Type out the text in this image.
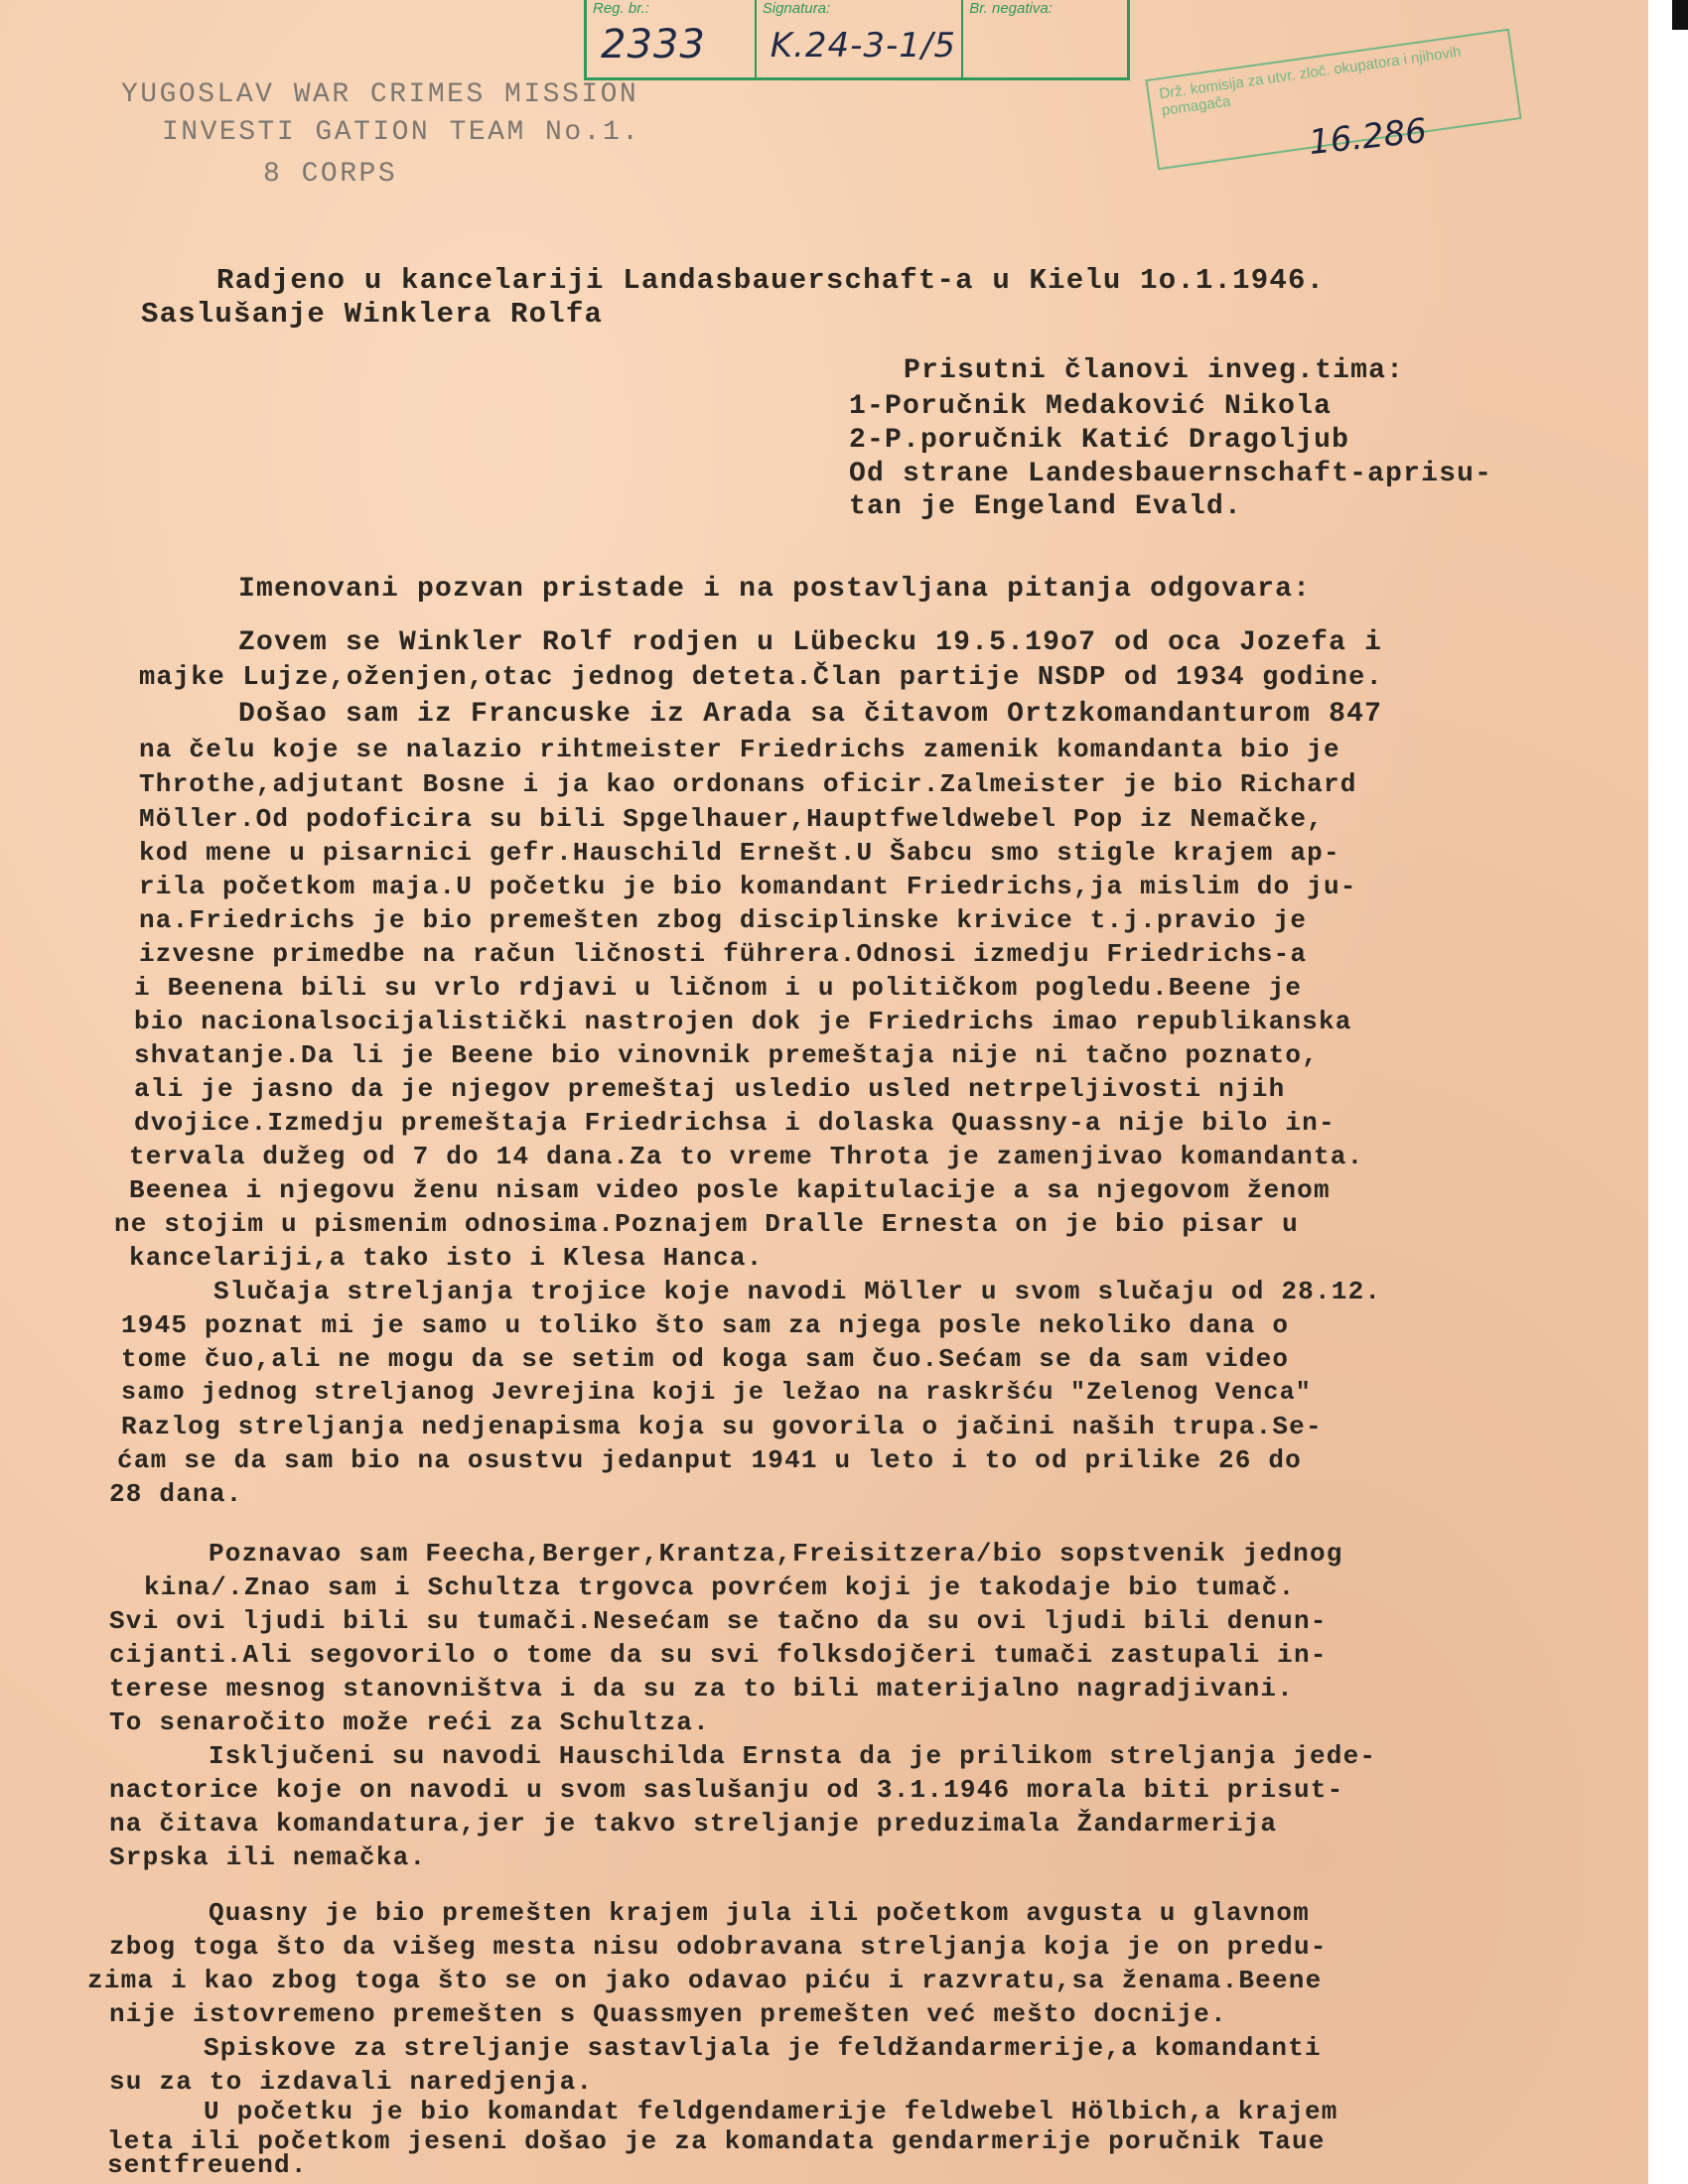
Reg. br.:
2333
Signatura:
K.24-3-1/5
Br. negativa:
Drž. komisija za utvr. zloč. okupatora i njihovih pomagača
16.286
YUGOSLAV WAR CRIMES MISSION
INVESTI GATION TEAM No.1.
8 CORPS
Radjeno u kancelariji Landasbauerschaft-a u Kielu 1o.1.1946.
Saslušanje Winklera Rolfa
Prisutni članovi inveg.tima:
1-Poručnik Medaković Nikola
2-P.poručnik Katić Dragoljub
Od strane Landesbauernschaft-aprisu-
tan je Engeland Evald.
Imenovani pozvan pristade i na postavljana pitanja odgovara:
Zovem se Winkler Rolf rodjen u Lübecku 19.5.19o7 od oca Jozefa i
majke Lujze,oženjen,otac jednog deteta.Član partije NSDP od 1934 godine.
Došao sam iz Francuske iz Arada sa čitavom Ortzkomandanturom 847
na čelu koje se nalazio rihtmeister Friedrichs zamenik komandanta bio je
Throthe,adjutant Bosne i ja kao ordonans oficir.Zalmeister je bio Richard
Möller.Od podoficira su bili Spgelhauer,Hauptfweldwebel Pop iz Nemačke,
kod mene u pisarnici gefr.Hauschild Ernešt.U Šabcu smo stigle krajem ap-
rila početkom maja.U početku je bio komandant Friedrichs,ja mislim do ju-
na.Friedrichs je bio premešten zbog disciplinske krivice t.j.pravio je
izvesne primedbe na račun ličnosti führera.Odnosi izmedju Friedrichs-a
i Beenena bili su vrlo rdjavi u ličnom i u političkom pogledu.Beene je
bio nacionalsocijalistički nastrojen dok je Friedrichs imao republikanska
shvatanje.Da li je Beene bio vinovnik premeštaja nije ni tačno poznato,
ali je jasno da je njegov premeštaj usledio usled netrpeljivosti njih
dvojice.Izmedju premeštaja Friedrichsa i dolaska Quassny-a nije bilo in-
tervala dužeg od 7 do 14 dana.Za to vreme Throta je zamenjivao komandanta.
Beenea i njegovu ženu nisam video posle kapitulacije a sa njegovom ženom
ne stojim u pismenim odnosima.Poznajem Dralle Ernesta on je bio pisar u
kancelariji,a tako isto i Klesa Hanca.
Slučaja streljanja trojice koje navodi Möller u svom slučaju od 28.12.
1945 poznat mi je samo u toliko što sam za njega posle nekoliko dana o
tome čuo,ali ne mogu da se setim od koga sam čuo.Sećam se da sam video
samo jednog streljanog Jevrejina koji je ležao na raskršću "Zelenog Venca"
Razlog streljanja nedjenapisma koja su govorila o jačini naših trupa.Se-
ćam se da sam bio na osustvu jedanput 1941 u leto i to od prilike 26 do
28 dana.
Poznavao sam Feecha,Berger,Krantza,Freisitzera/bio sopstvenik jednog
kina/.Znao sam i Schultza trgovca povrćem koji je takodaje bio tumač.
Svi ovi ljudi bili su tumači.Nesećam se tačno da su ovi ljudi bili denun-
cijanti.Ali segovorilo o tome da su svi folksdojčeri tumači zastupali in-
terese mesnog stanovništva i da su za to bili materijalnо nagradjivani.
To senaročito može reći za Schultza.
Isključeni su navodi Hauschilda Ernsta da je prilikom streljanja jede-
nactorice koje on navodi u svom saslušanju od 3.1.1946 morala biti prisut-
na čitava komandatura,jer je takvo streljanje preduzimala Žandarmerija
Srpska ili nemačka.
Quasny je bio premešten krajem jula ili početkom avgusta u glavnom
zbog toga što da višeg mesta nisu odobravana streljanja koja je on predu-
zima i kao zbog toga što se on jako odavao piću i razvratu,sa ženama.Beene
nije istovremeno premešten s Quassmyen premešten već mešto docnije.
Spiskove za streljanje sastavljala je feldžandarmerije,a komandanti
su za to izdavali naredjenja.
U početku je bio komandat feldgendamerije feldwebel Hölbich,a krajem
leta ili početkom jeseni došao je za komandata gendarmerije poručnik Taue
sentfreuend.
